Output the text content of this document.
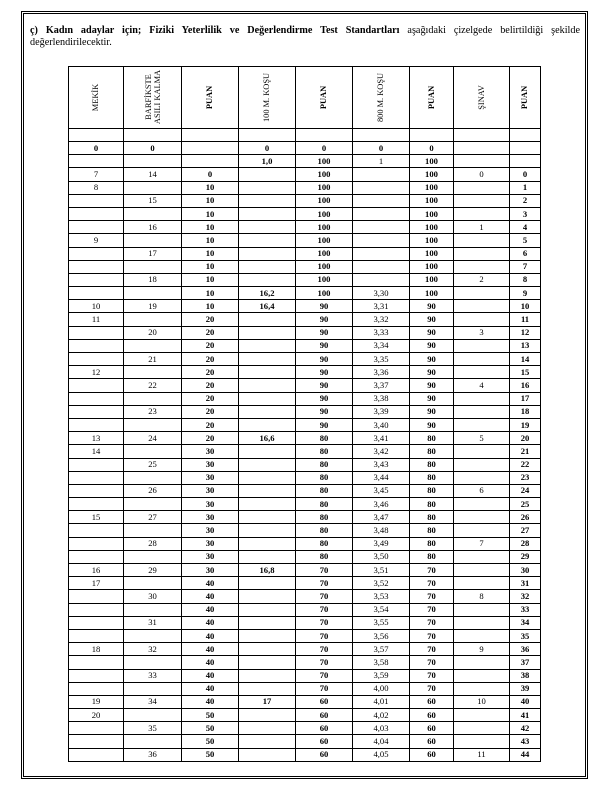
ç) Kadın adaylar için; Fiziki Yeterlilik ve Değerlendirme Test Standartları aşağıdaki çizelgede belirtildiği şekilde değerlendirilecektir.
MEKİK	BARFİKSTE ASILI KALMA	PUAN	100 M. KOŞU	PUAN	800 M. KOŞU	PUAN	ŞINAV	PUAN

0	0		0	0	0	0		
			1,0	100	1	100		
7	14	0		100		100	0	0
8		10		100		100		1
	15	10		100		100		2
		10		100		100		3
	16	10		100		100	1	4
9		10		100		100		5
	17	10		100		100		6
		10		100		100		7
	18	10		100		100	2	8
		10	16,2	100	3,30	100		9
10	19	10	16,4	90	3,31	90		10
11		20		90	3,32	90		11
	20	20		90	3,33	90	3	12
		20		90	3,34	90		13
	21	20		90	3,35	90		14
12		20		90	3,36	90		15
	22	20		90	3,37	90	4	16
		20		90	3,38	90		17
	23	20		90	3,39	90		18
		20		90	3,40	90		19
13	24	20	16,6	80	3,41	80	5	20
14		30		80	3,42	80		21
	25	30		80	3,43	80		22
		30		80	3,44	80		23
	26	30		80	3,45	80	6	24
		30		80	3,46	80		25
15	27	30		80	3,47	80		26
		30		80	3,48	80		27
	28	30		80	3,49	80	7	28
		30		80	3,50	80		29
16	29	30	16,8	70	3,51	70		30
17		40		70	3,52	70		31
	30	40		70	3,53	70	8	32
		40		70	3,54	70		33
	31	40		70	3,55	70		34
		40		70	3,56	70		35
18	32	40		70	3,57	70	9	36
		40		70	3,58	70		37
	33	40		70	3,59	70		38
		40		70	4,00	70		39
19	34	40	17	60	4,01	60	10	40
20		50		60	4,02	60		41
	35	50		60	4,03	60		42
		50		60	4,04	60		43
	36	50		60	4,05	60	11	44
